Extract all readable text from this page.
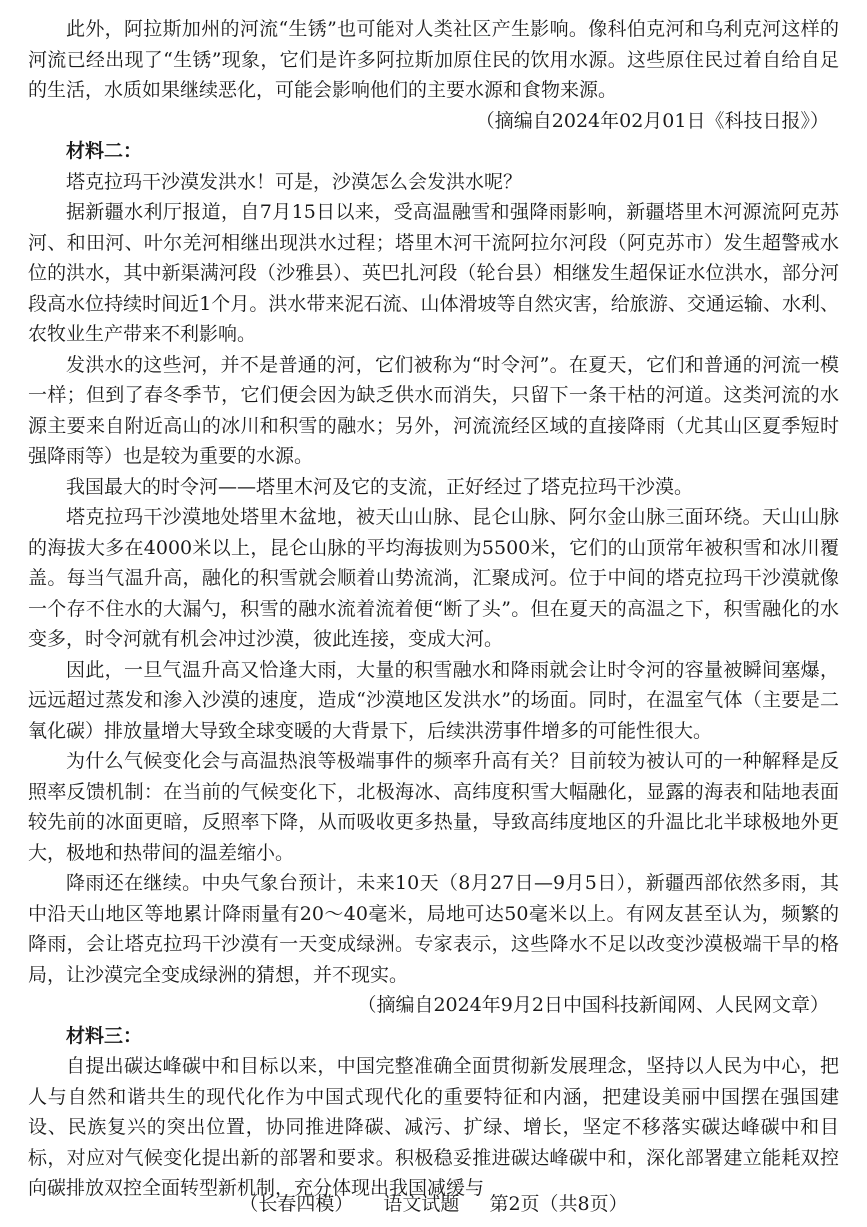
此外，阿拉斯加州的河流“生锈”也可能对人类社区产生影响。像科伯克河和乌利克河这样的河流已经出现了“生锈”现象，它们是许多阿拉斯加原住民的饮用水源。这些原住民过着自给自足的生活，水质如果继续恶化，可能会影响他们的主要水源和食物来源。

（摘编自2024年02月01日《科技日报》）

材料二：

塔克拉玛干沙漠发洪水！可是，沙漠怎么会发洪水呢？

据新疆水利厅报道，自7月15日以来，受高温融雪和强降雨影响，新疆塔里木河源流阿克苏河、和田河、叶尔羌河相继出现洪水过程；塔里木河干流阿拉尔河段（阿克苏市）发生超警戒水位的洪水，其中新渠满河段（沙雅县）、英巴扎河段（轮台县）相继发生超保证水位洪水，部分河段高水位持续时间近1个月。洪水带来泥石流、山体滑坡等自然灾害，给旅游、交通运输、水利、农牧业生产带来不利影响。

发洪水的这些河，并不是普通的河，它们被称为“时令河”。在夏天，它们和普通的河流一模一样；但到了春冬季节，它们便会因为缺乏供水而消失，只留下一条干枯的河道。这类河流的水源主要来自附近高山的冰川和积雪的融水；另外，河流流经区域的直接降雨（尤其山区夏季短时强降雨等）也是较为重要的水源。

我国最大的时令河——塔里木河及它的支流，正好经过了塔克拉玛干沙漠。

塔克拉玛干沙漠地处塔里木盆地，被天山山脉、昆仑山脉、阿尔金山脉三面环绕。天山山脉的海拔大多在4000米以上，昆仑山脉的平均海拔则为5500米，它们的山顶常年被积雪和冰川覆盖。每当气温升高，融化的积雪就会顺着山势流淌，汇聚成河。位于中间的塔克拉玛干沙漠就像一个存不住水的大漏勺，积雪的融水流着流着便“断了头”。但在夏天的高温之下，积雪融化的水变多，时令河就有机会冲过沙漠，彼此连接，变成大河。

因此，一旦气温升高又恰逢大雨，大量的积雪融水和降雨就会让时令河的容量被瞬间塞爆，远远超过蒸发和渗入沙漠的速度，造成“沙漠地区发洪水”的场面。同时，在温室气体（主要是二氧化碳）排放量增大导致全球变暖的大背景下，后续洪涝事件增多的可能性很大。

为什么气候变化会与高温热浪等极端事件的频率升高有关？目前较为被认可的一种解释是反照率反馈机制：在当前的气候变化下，北极海冰、高纬度积雪大幅融化，显露的海表和陆地表面较先前的冰面更暗，反照率下降，从而吸收更多热量，导致高纬度地区的升温比北半球极地外更大，极地和热带间的温差缩小。

降雨还在继续。中央气象台预计，未来10天（8月27日—9月5日），新疆西部依然多雨，其中沿天山地区等地累计降雨量有20～40毫米，局地可达50毫米以上。有网友甚至认为，频繁的降雨，会让塔克拉玛干沙漠有一天变成绿洲。专家表示，这些降水不足以改变沙漠极端干旱的格局，让沙漠完全变成绿洲的猜想，并不现实。

（摘编自2024年9月2日中国科技新闻网、人民网文章）

材料三：

自提出碳达峰碳中和目标以来，中国完整准确全面贯彻新发展理念，坚持以人民为中心，把人与自然和谐共生的现代化作为中国式现代化的重要特征和内涵，把建设美丽中国摆在强国建设、民族复兴的突出位置，协同推进降碳、减污、扩绿、增长，坚定不移落实碳达峰碳中和目标，对应对气候变化提出新的部署和要求。积极稳妥推进碳达峰碳中和，深化部署建立能耗双控向碳排放双控全面转型新机制，充分体现出我国减缓与

（长春四模） 语文试题 第2页（共8页）
